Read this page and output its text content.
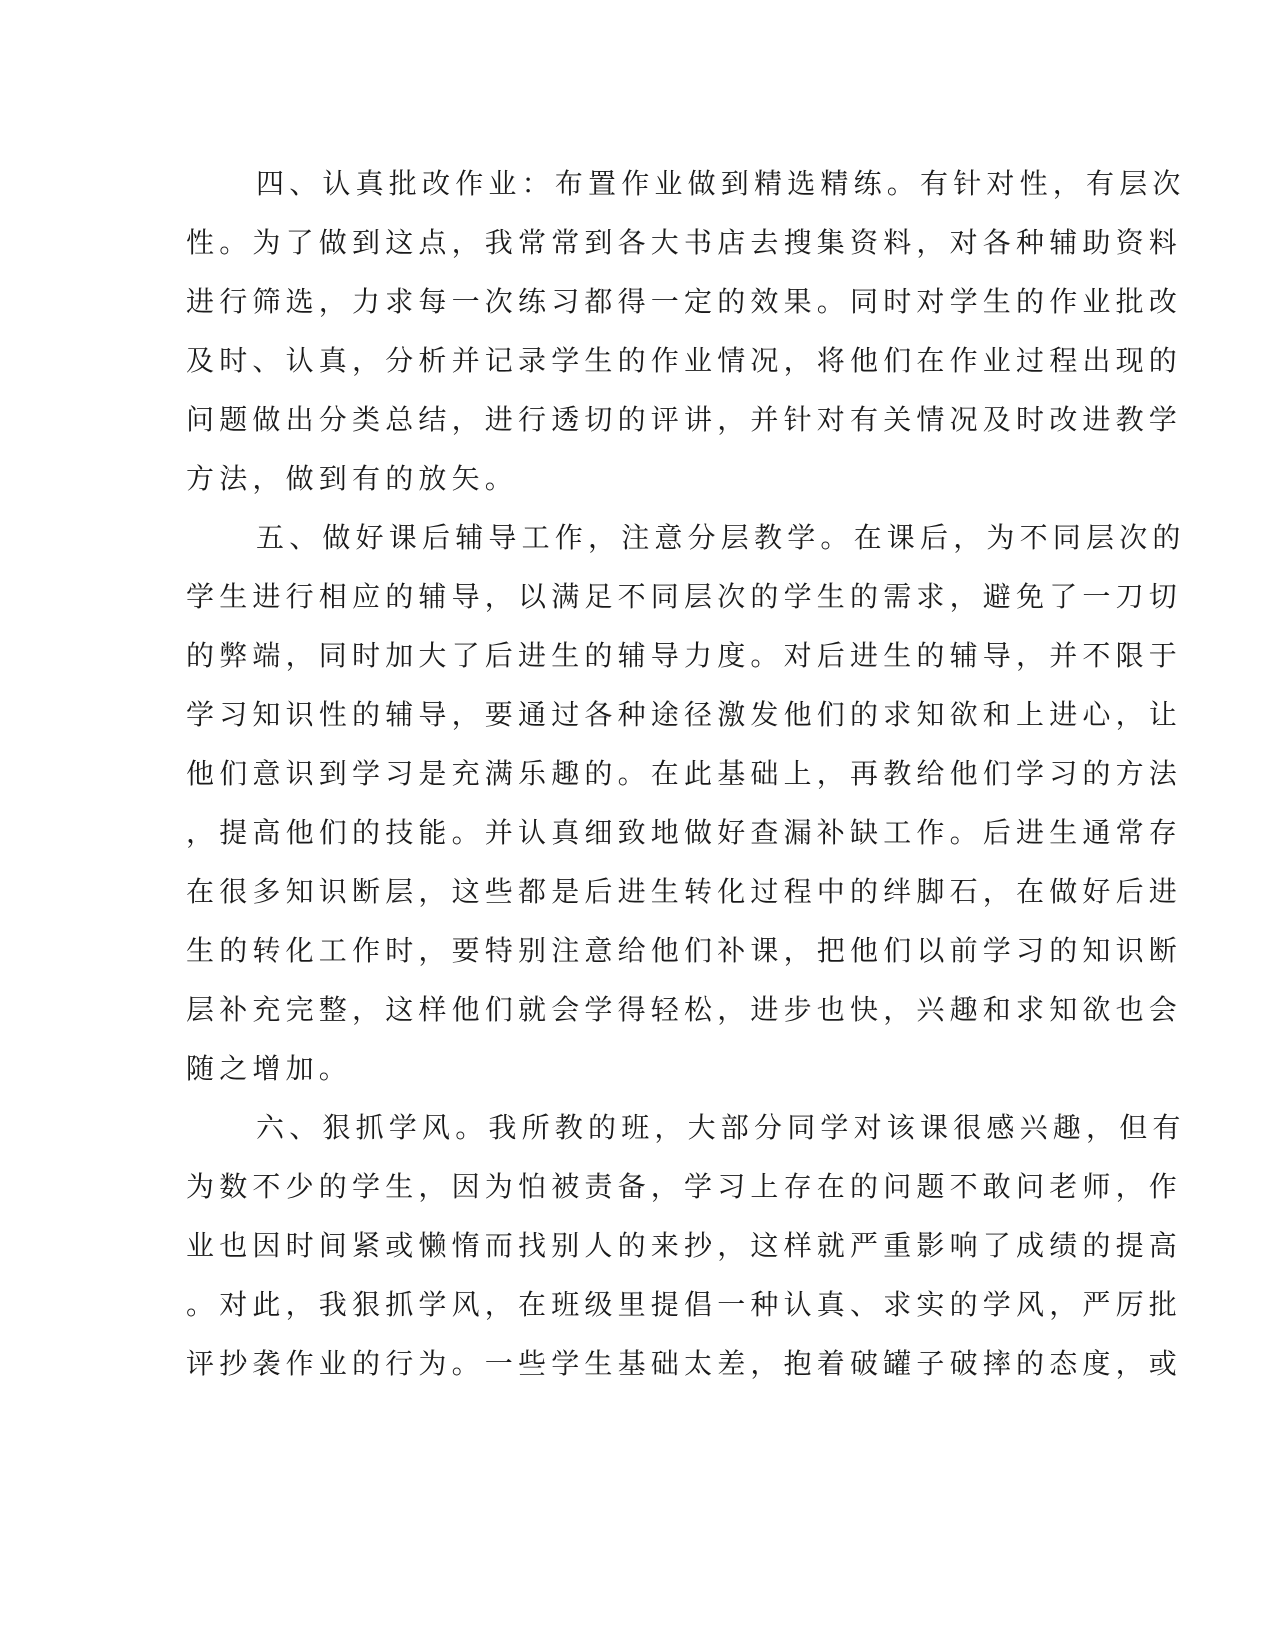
四、认真批改作业：布置作业做到精选精练。有针对性，有层次
性。为了做到这点，我常常到各大书店去搜集资料，对各种辅助资料
进行筛选，力求每一次练习都得一定的效果。同时对学生的作业批改
及时、认真，分析并记录学生的作业情况，将他们在作业过程出现的
问题做出分类总结，进行透切的评讲，并针对有关情况及时改进教学
方法，做到有的放矢。
五、做好课后辅导工作，注意分层教学。在课后，为不同层次的
学生进行相应的辅导，以满足不同层次的学生的需求，避免了一刀切
的弊端，同时加大了后进生的辅导力度。对后进生的辅导，并不限于
学习知识性的辅导，要通过各种途径激发他们的求知欲和上进心，让
他们意识到学习是充满乐趣的。在此基础上，再教给他们学习的方法
，提高他们的技能。并认真细致地做好查漏补缺工作。后进生通常存
在很多知识断层，这些都是后进生转化过程中的绊脚石，在做好后进
生的转化工作时，要特别注意给他们补课，把他们以前学习的知识断
层补充完整，这样他们就会学得轻松，进步也快，兴趣和求知欲也会
随之增加。
六、狠抓学风。我所教的班，大部分同学对该课很感兴趣，但有
为数不少的学生，因为怕被责备，学习上存在的问题不敢问老师，作
业也因时间紧或懒惰而找别人的来抄，这样就严重影响了成绩的提高
。对此，我狠抓学风，在班级里提倡一种认真、求实的学风，严厉批
评抄袭作业的行为。一些学生基础太差，抱着破罐子破摔的态度，或
